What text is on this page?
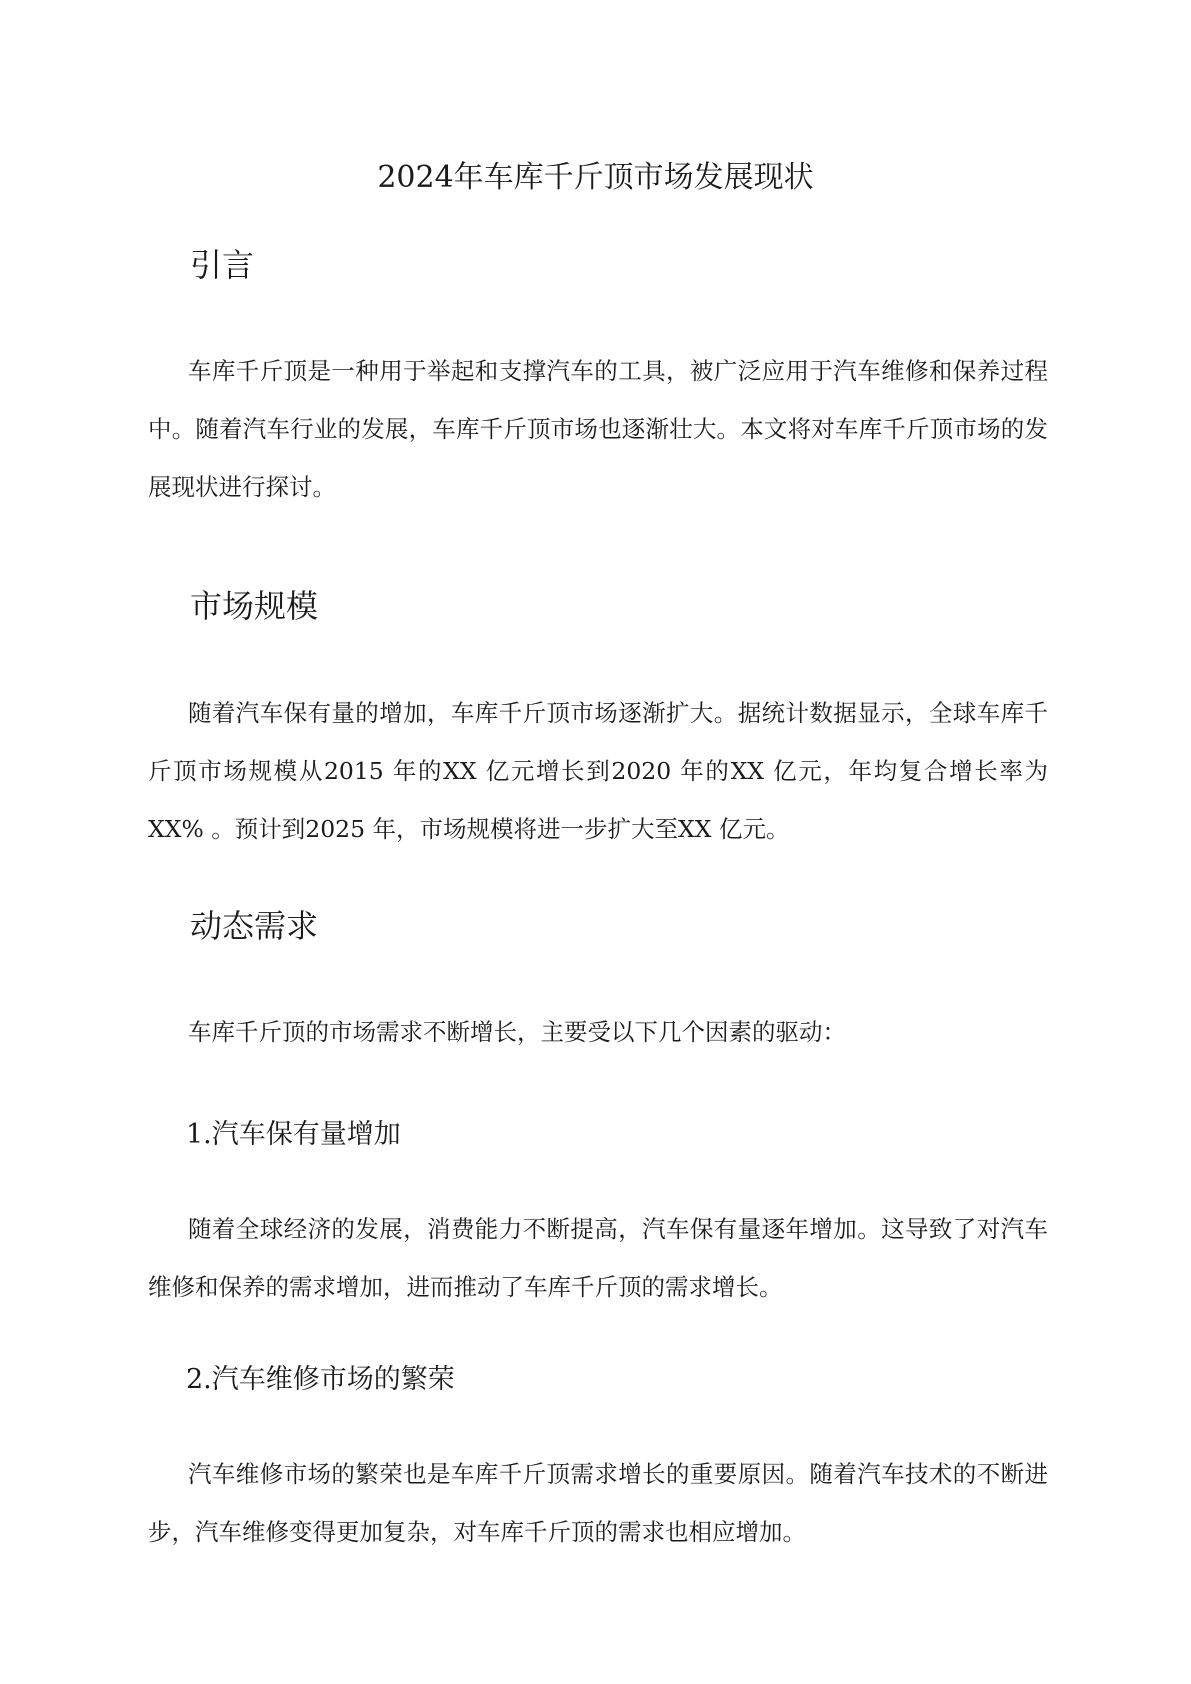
2024年车库千斤顶市场发展现状
引言

车库千斤顶是一种用于举起和支撑汽车的工具，被广泛应用于汽车维修和保养过程中。随着汽车行业的发展，车库千斤顶市场也逐渐壮大。本文将对车库千斤顶市场的发展现状进行探讨。

市场规模

随着汽车保有量的增加，车库千斤顶市场逐渐扩大。据统计数据显示，全球车库千斤顶市场规模从2015 年的XX 亿元增长到2020 年的XX 亿元，年均复合增长率为XX% 。预计到2025 年，市场规模将进一步扩大至XX 亿元。

动态需求

车库千斤顶的市场需求不断增长，主要受以下几个因素的驱动：

1.汽车保有量增加

随着全球经济的发展，消费能力不断提高，汽车保有量逐年增加。这导致了对汽车维修和保养的需求增加，进而推动了车库千斤顶的需求增长。

2.汽车维修市场的繁荣

汽车维修市场的繁荣也是车库千斤顶需求增长的重要原因。随着汽车技术的不断进步，汽车维修变得更加复杂，对车库千斤顶的需求也相应增加。
